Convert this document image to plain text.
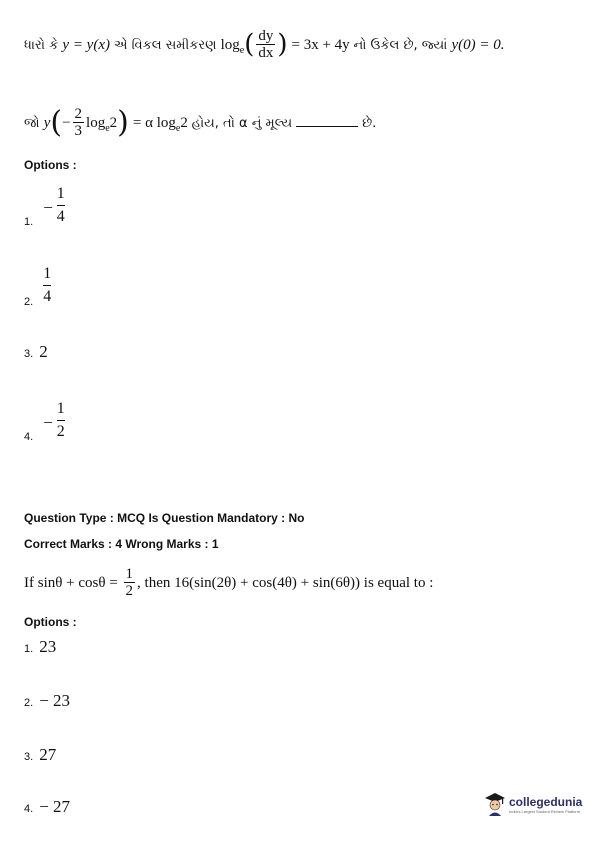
ધારો કે y = y(x) એ વિકલ સમીકરણ $\log_e( \frac{dy}{dx}$ ) = 3x + 4y નો ઉકેલ છે, જ્યાં y(0) = 0.
જો $y(- \frac{2}{3} \log_e2) = \alpha$ $\log_e2$ હોય, તો α નું મૂલ્ય	છે.
Options :
1.
−
1
4
2.
1
4
3. 2
4.
−
1
2
Question Type : MCQ Is Question Mandatory : No
Correct Marks : 4 Wrong Marks : 1
If $\sin\theta + \cos\theta = \frac{1}{2}$ , then 16(sin(2θ) + cos(4θ) + sin(6θ)) is equal to :
Options :
1. 23
2. − 23
3. 27
4. − 27	collegedunia
India's Largest Student Review Platform
